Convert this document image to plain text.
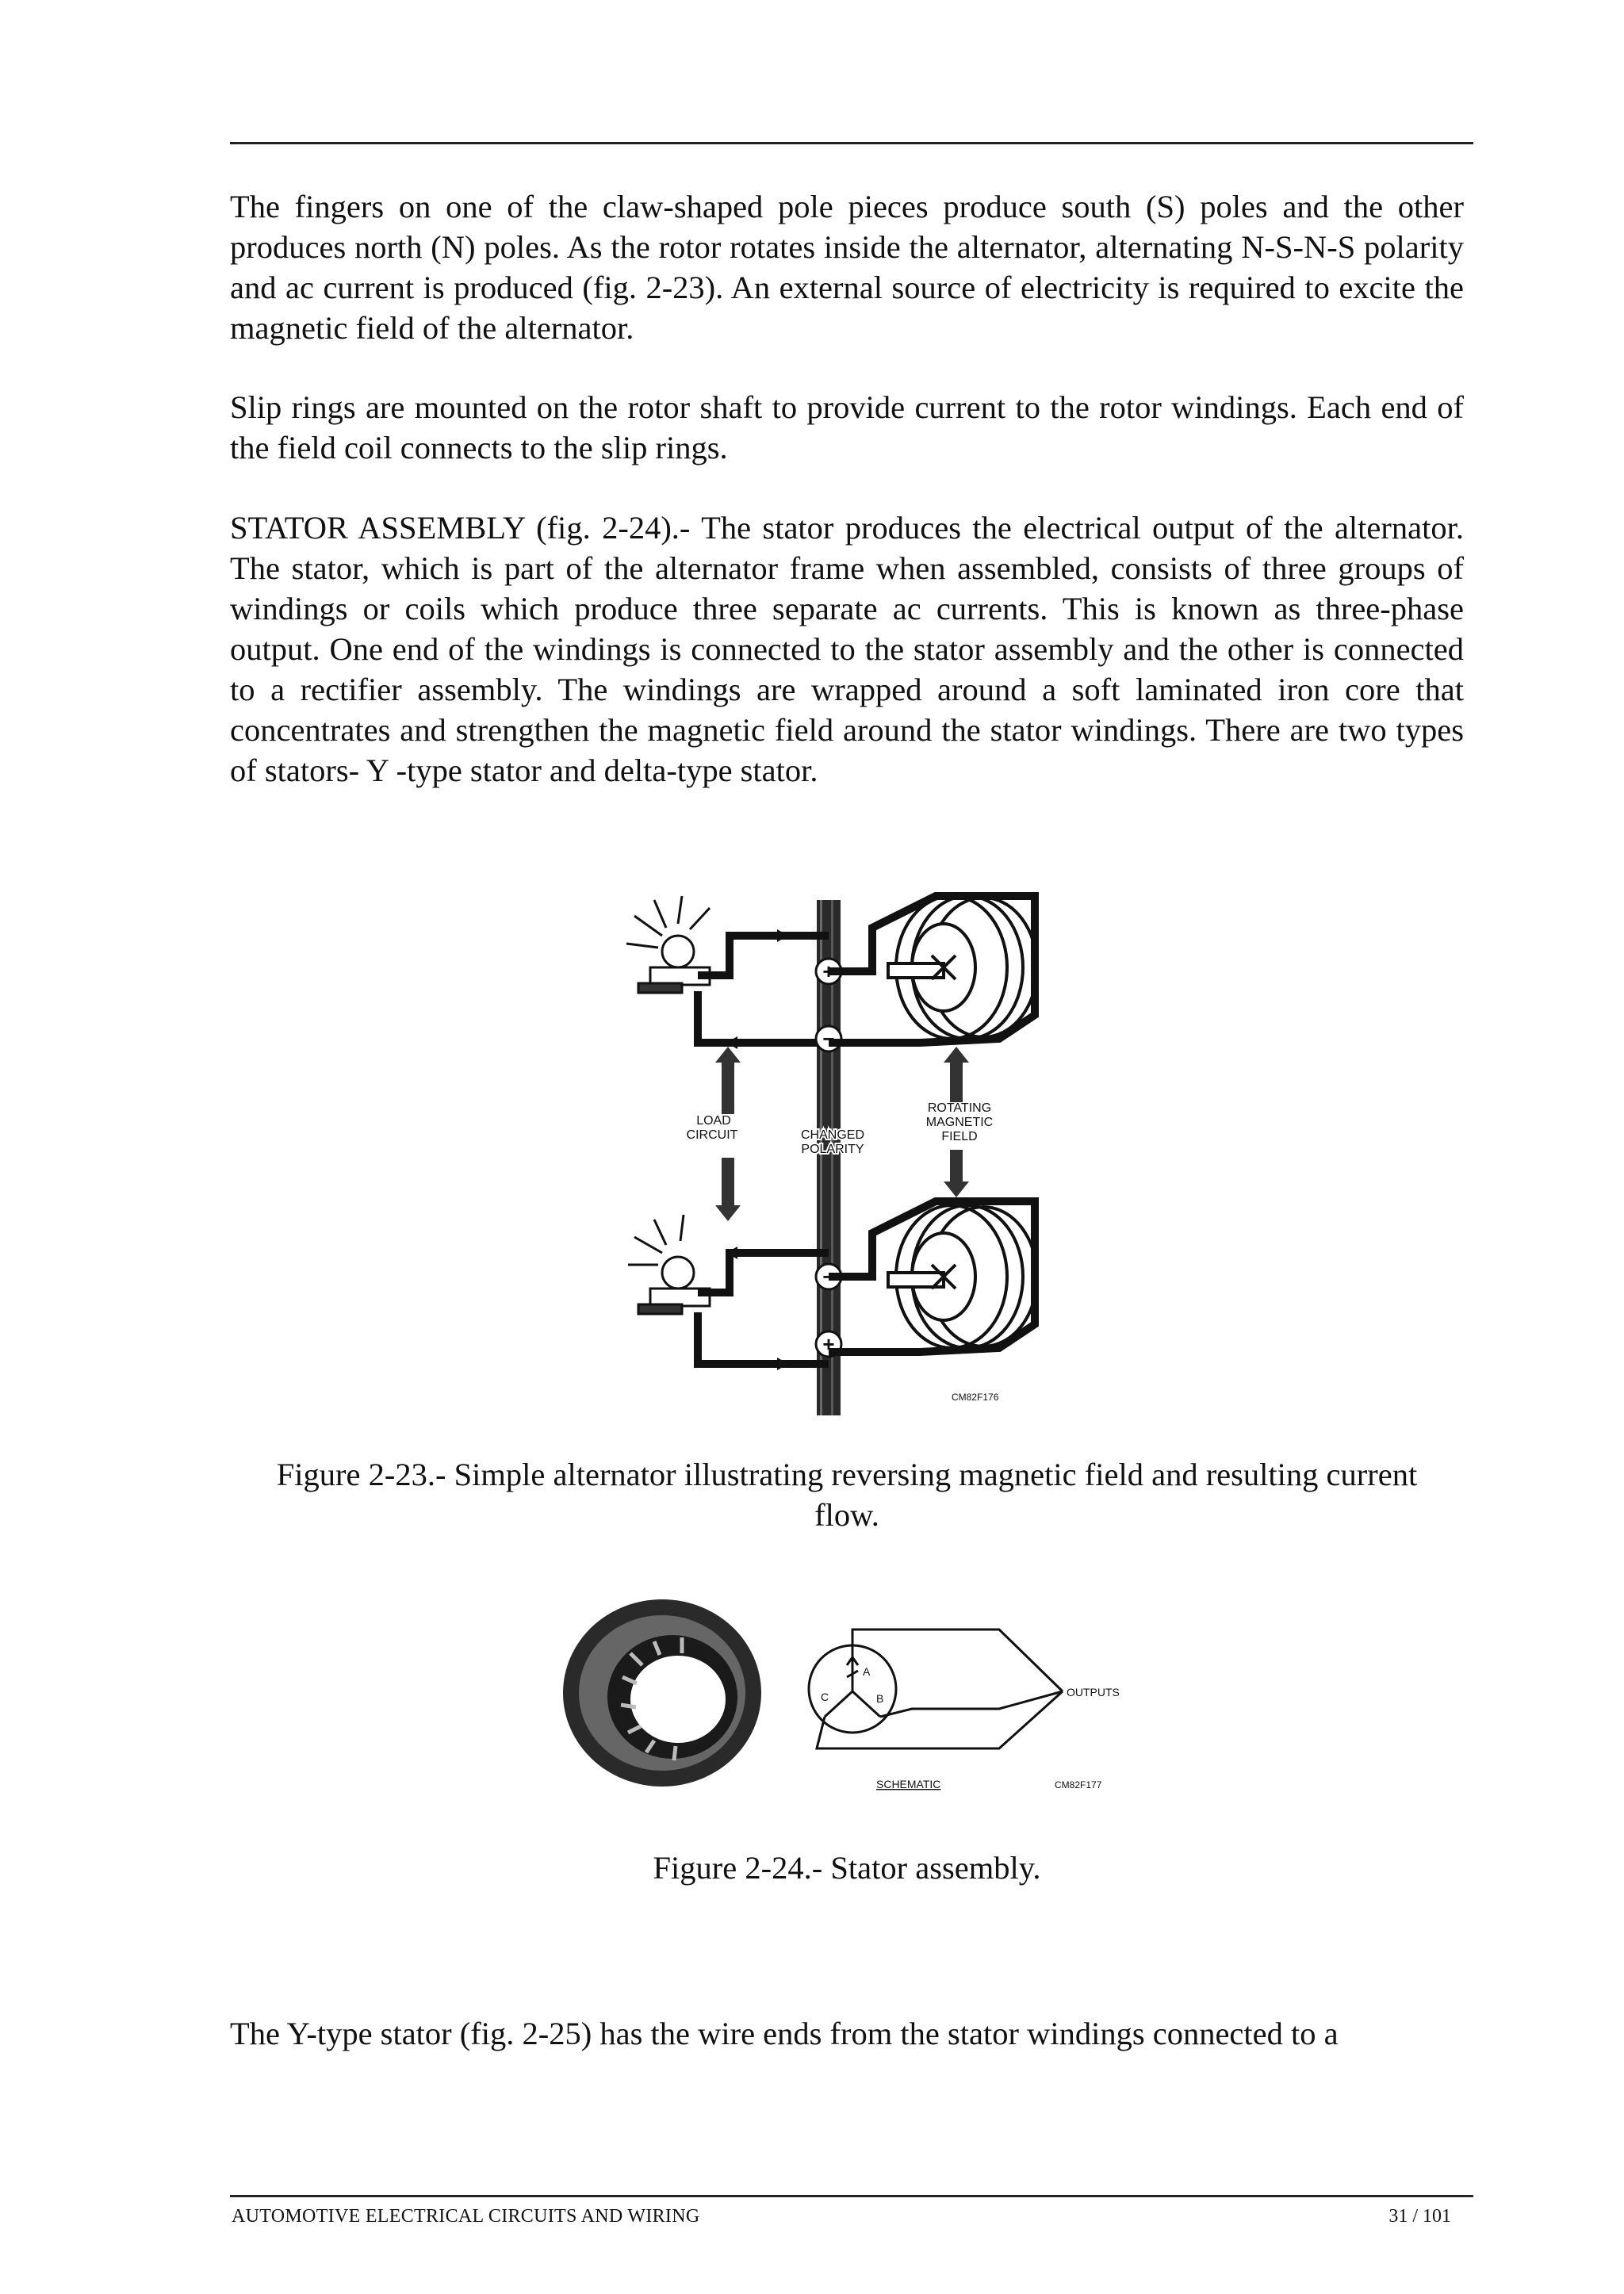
The fingers on one of the claw-shaped pole pieces produce south (S) poles and the other produces north (N) poles. As the rotor rotates inside the alternator, alternating N-S-N-S polarity and ac current is produced (fig. 2-23). An external source of electricity is required to excite the magnetic field of the alternator.

Slip rings are mounted on the rotor shaft to provide current to the rotor windings. Each end of the field coil connects to the slip rings.

STATOR ASSEMBLY (fig. 2-24).- The stator produces the electrical output of the alternator. The stator, which is part of the alternator frame when assembled, consists of three groups of windings or coils which produce three separate ac currents. This is known as three-phase output. One end of the windings is connected to the stator assembly and the other is connected to a rectifier assembly. The windings are wrapped around a soft laminated iron core that concentrates and strengthen the magnetic field around the stator windings. There are two types of stators- Y -type stator and delta-type stator.

+
−
LOAD
CIRCUIT	CHANGED
POLARITY
ROTATING
MAGNETIC
FIELD
−
+
CM82F176

Figure 2-23.- Simple alternator illustrating reversing magnetic field and resulting current flow.

A
B
C	OUTPUTS
SCHEMATIC	CM82F177

Figure 2-24.- Stator assembly.

The Y-type stator (fig. 2-25) has the wire ends from the stator windings connected to a

AUTOMOTIVE ELECTRICAL CIRCUITS AND WIRING	31 / 101
